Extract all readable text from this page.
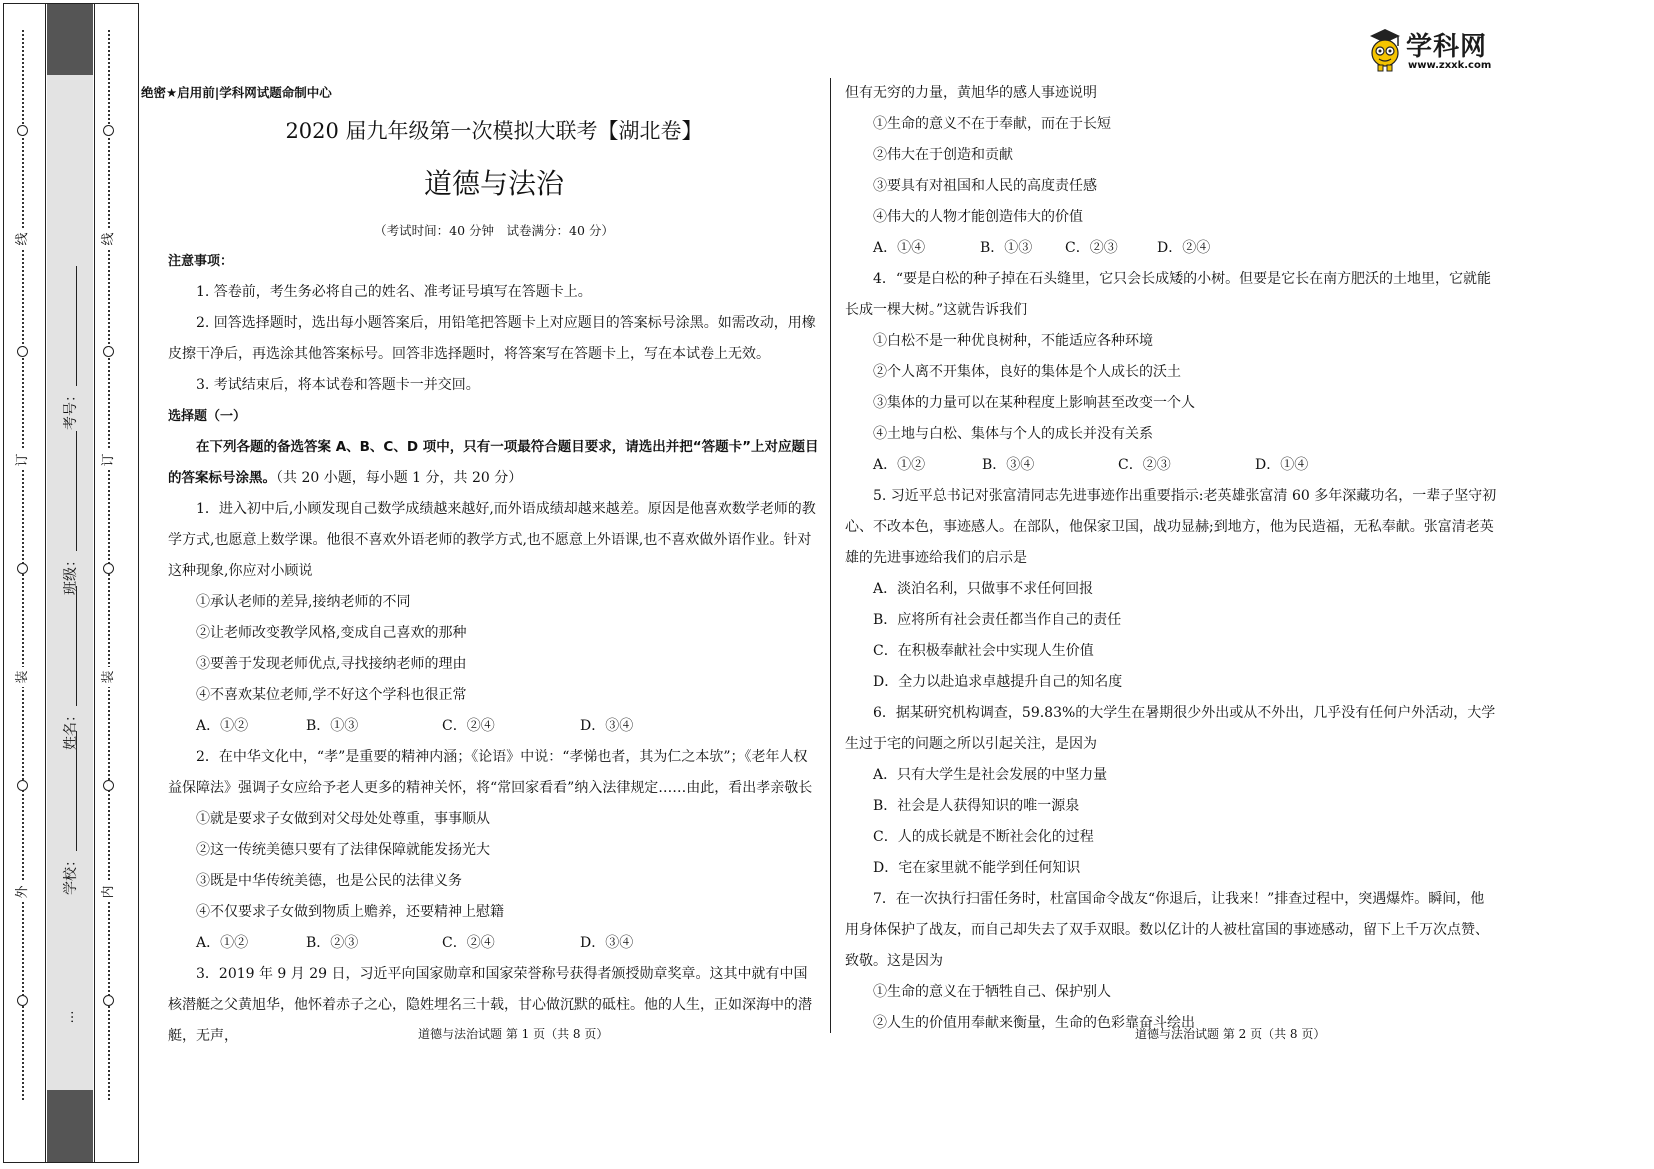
线
订
装
外
线
订
装
内
考号：
班级：
姓名：
学校：
…
学科网
www.zxxk.com

绝密★启用前|学科网试题命制中心

2020 届九年级第一次模拟大联考【湖北卷】

道德与法治

（考试时间：40 分钟　试卷满分：40 分）

注意事项：

1. 答卷前，考生务必将自己的姓名、准考证号填写在答题卡上。

2. 回答选择题时，选出每小题答案后，用铅笔把答题卡上对应题目的答案标号涂黑。如需改动，用橡皮擦干净后，再选涂其他答案标号。回答非选择题时，将答案写在答题卡上，写在本试卷上无效。

3. 考试结束后，将本试卷和答题卡一并交回。

选择题（一）

在下列各题的备选答案 A、B、C、D 项中，只有一项最符合题目要求，请选出并把“答题卡”上对应题目的答案标号涂黑。（共 20 小题，每小题 1 分，共 20 分）

1．进入初中后,小顾发现自己数学成绩越来越好,而外语成绩却越来越差。原因是他喜欢数学老师的教学方式,也愿意上数学课。他很不喜欢外语老师的教学方式,也不愿意上外语课,也不喜欢做外语作业。针对这种现象,你应对小顾说

①承认老师的差异,接纳老师的不同

②让老师改变教学风格,变成自己喜欢的那种

③要善于发现老师优点,寻找接纳老师的理由

④不喜欢某位老师,学不好这个学科也很正常

A．①②	B．①③	C．②④	D．③④

2．在中华文化中，“孝”是重要的精神内涵；《论语》中说：“孝悌也者，其为仁之本欤”；《老年人权益保障法》强调子女应给予老人更多的精神关怀，将“常回家看看”纳入法律规定……由此，看出孝亲敬长

①就是要求子女做到对父母处处尊重，事事顺从

②这一传统美德只要有了法律保障就能发扬光大

③既是中华传统美德，也是公民的法律义务

④不仅要求子女做到物质上赡养，还要精神上慰籍

A．①②	B．②③	C．②④	D．③④

3．2019 年 9 月 29 日，习近平向国家勋章和国家荣誉称号获得者颁授勋章奖章。这其中就有中国核潜艇之父黄旭华，他怀着赤子之心，隐姓埋名三十载，甘心做沉默的砥柱。他的人生，正如深海中的潜艇，无声，

但有无穷的力量，黄旭华的感人事迹说明

①生命的意义不在于奉献，而在于长短

②伟大在于创造和贡献

③要具有对祖国和人民的高度责任感

④伟大的人物才能创造伟大的价值

A．①④	B．①③	C．②③	D．②④

4．“要是白松的种子掉在石头缝里，它只会长成矮的小树。但要是它长在南方肥沃的土地里，它就能长成一棵大树。”这就告诉我们

①白松不是一种优良树种，不能适应各种环境

②个人离不开集体，良好的集体是个人成长的沃土

③集体的力量可以在某种程度上影响甚至改变一个人

④土地与白松、集体与个人的成长并没有关系

A．①②	B．③④	C．②③	D．①④

5. 习近平总书记对张富清同志先进事迹作出重要指示:老英雄张富清 60 多年深藏功名，一辈子坚守初心、不改本色，事迹感人。在部队，他保家卫国，战功显赫;到地方，他为民造福，无私奉献。张富清老英雄的先进事迹给我们的启示是

A．淡泊名利，只做事不求任何回报

B．应将所有社会责任都当作自己的责任

C．在积极奉献社会中实现人生价值

D．全力以赴追求卓越提升自己的知名度

6．据某研究机构调查，59.83%的大学生在暑期很少外出或从不外出，几乎没有任何户外活动，大学生过于宅的问题之所以引起关注，是因为

A．只有大学生是社会发展的中坚力量

B．社会是人获得知识的唯一源泉

C．人的成长就是不断社会化的过程

D．宅在家里就不能学到任何知识

7．在一次执行扫雷任务时，杜富国命令战友“你退后，让我来！”排查过程中，突遇爆炸。瞬间，他用身体保护了战友，而自己却失去了双手双眼。数以亿计的人被杜富国的事迹感动，留下上千万次点赞、致敬。这是因为

①生命的意义在于牺牲自己、保护别人

②人生的价值用奉献来衡量，生命的色彩靠奋斗绘出

道德与法治试题 第 1 页（共 8 页）	道德与法治试题 第 2 页（共 8 页）
